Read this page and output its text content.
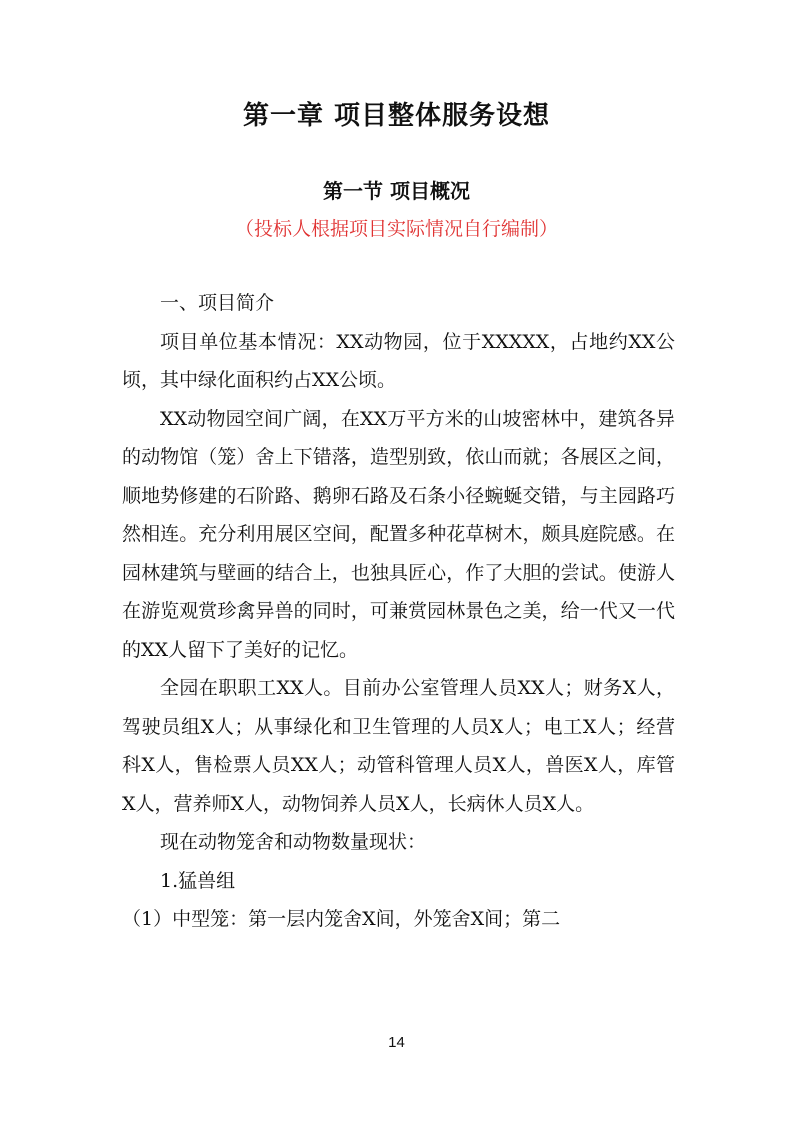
第一章 项目整体服务设想
第一节 项目概况
（投标人根据项目实际情况自行编制）

一、项目简介

项目单位基本情况：XX动物园，位于XXXXX，占地约XX公顷，其中绿化面积约占XX公顷。

XX动物园空间广阔，在XX万平方米的山坡密林中，建筑各异的动物馆（笼）舍上下错落，造型别致，依山而就；各展区之间，顺地势修建的石阶路、鹅卵石路及石条小径蜿蜒交错，与主园路巧然相连。充分利用展区空间，配置多种花草树木，颇具庭院感。在园林建筑与壁画的结合上，也独具匠心，作了大胆的尝试。使游人在游览观赏珍禽异兽的同时，可兼赏园林景色之美，给一代又一代的XX人留下了美好的记忆。

全园在职职工XX人。目前办公室管理人员XX人；财务X人，驾驶员组X人；从事绿化和卫生管理的人员X人；电工X人；经营科X人，售检票人员XX人；动管科管理人员X人，兽医X人，库管X人，营养师X人，动物饲养人员X人，长病休人员X人。

现在动物笼舍和动物数量现状：

1.猛兽组

（1）中型笼：第一层内笼舍X间，外笼舍X间；第二

14
